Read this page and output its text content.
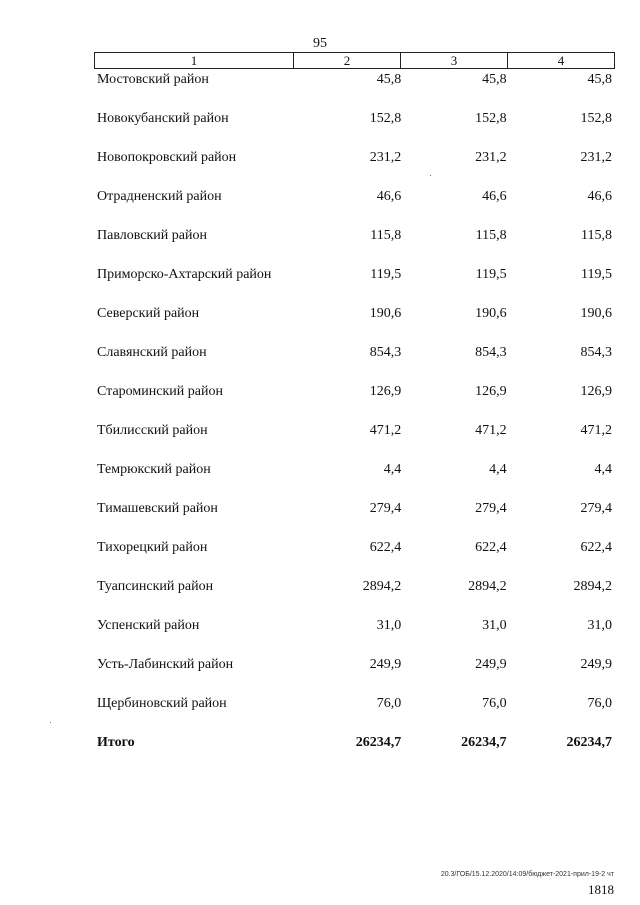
95
1	2	3	4
Мостовский район	45,8	45,8	45,8
Новокубанский район	152,8	152,8	152,8
Новопокровский район	231,2	231,2	231,2
Отрадненский район	46,6	46,6	46,6
Павловский район	115,8	115,8	115,8
Приморско-Ахтарский район	119,5	119,5	119,5
Северский район	190,6	190,6	190,6
Славянский район	854,3	854,3	854,3
Староминский район	126,9	126,9	126,9
Тбилисский район	471,2	471,2	471,2
Темрюкский район	4,4	4,4	4,4
Тимашевский район	279,4	279,4	279,4
Тихорецкий район	622,4	622,4	622,4
Туапсинский район	2894,2	2894,2	2894,2
Успенский район	31,0	31,0	31,0
Усть-Лабинский район	249,9	249,9	249,9
Щербиновский район	76,0	76,0	76,0
Итого	26234,7	26234,7	26234,7
20.3/ГОБ/15.12.2020/14:09/бюджет-2021-прил-19-2 чт
1818
